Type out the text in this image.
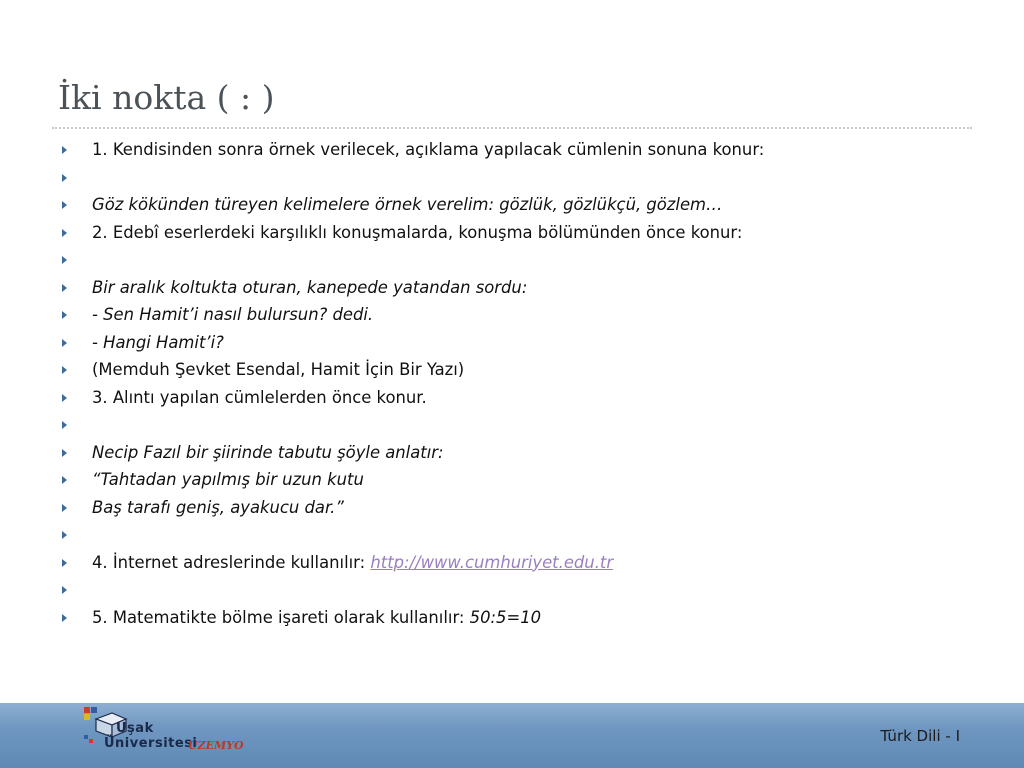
İki nokta ( : )
1. Kendisinden sonra örnek verilecek, açıklama yapılacak cümlenin sonuna konur:
Göz kökünden türeyen kelimelere örnek verelim: gözlük, gözlükçü, gözlem…
2. Edebî eserlerdeki karşılıklı konuşmalarda, konuşma bölümünden önce konur:
Bir aralık koltukta oturan, kanepede yatandan sordu:
- Sen Hamit’i nasıl bulursun? dedi.
- Hangi Hamit’i?
(Memduh Şevket Esendal, Hamit İçin Bir Yazı)
3. Alıntı yapılan cümlelerden önce konur.
Necip Fazıl bir şiirinde tabutu şöyle anlatır:
“Tahtadan yapılmış bir uzun kutu
Baş tarafı geniş, ayakucu dar.”
4. İnternet adreslerinde kullanılır: http://www.cumhuriyet.edu.tr
5. Matematikte bölme işareti olarak kullanılır: 50:5=10
Uşak
Üniversitesi
UZEMYO
Türk Dili - I
